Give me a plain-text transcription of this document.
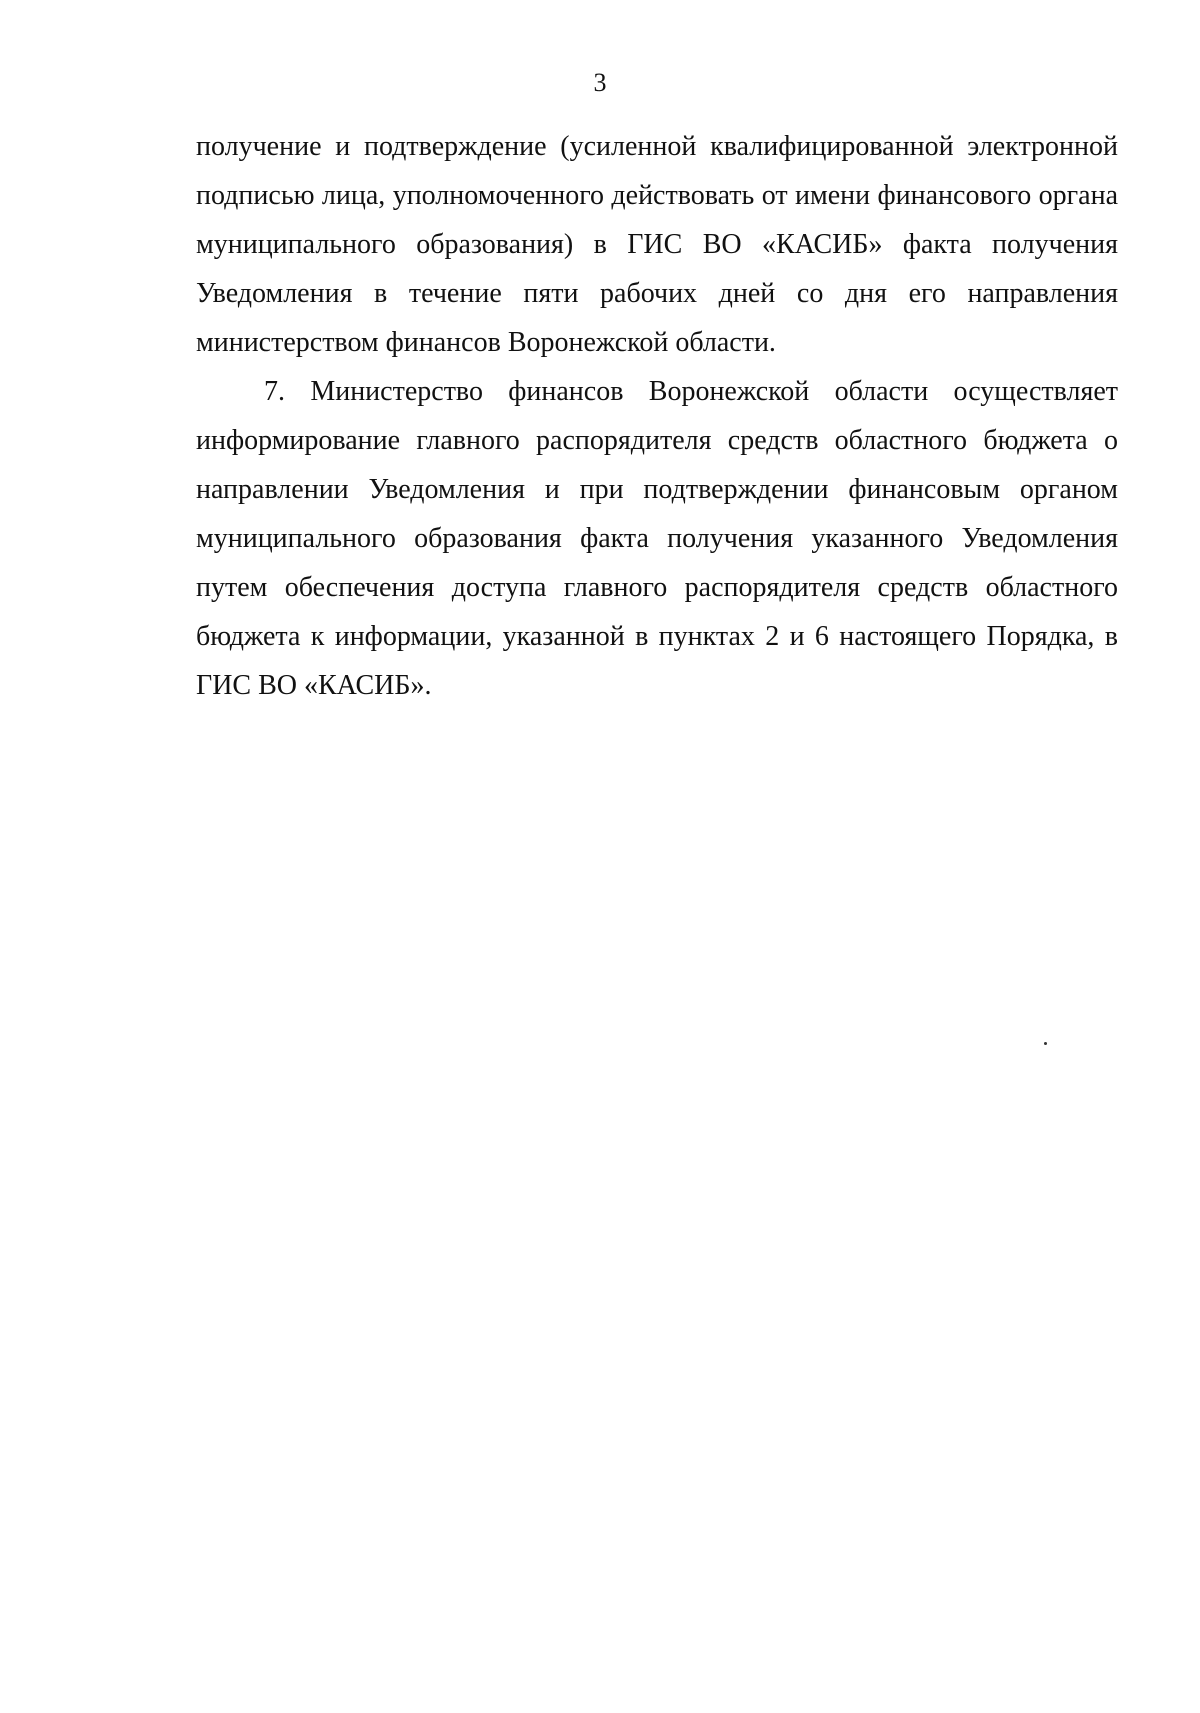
3

получение и подтверждение (усиленной квалифицированной электронной подписью лица, уполномоченного действовать от имени финансового органа муниципального образования) в ГИС ВО «КАСИБ» факта получения Уведомления в течение пяти рабочих дней со дня его направления министерством финансов Воронежской области.

7. Министерство финансов Воронежской области осуществляет информирование главного распорядителя средств областного бюджета о направлении Уведомления и при подтверждении финансовым органом муниципального образования факта получения указанного Уведомления путем обеспечения доступа главного распорядителя средств областного бюджета к информации, указанной в пунктах 2 и 6 настоящего Порядка, в ГИС ВО «КАСИБ».
